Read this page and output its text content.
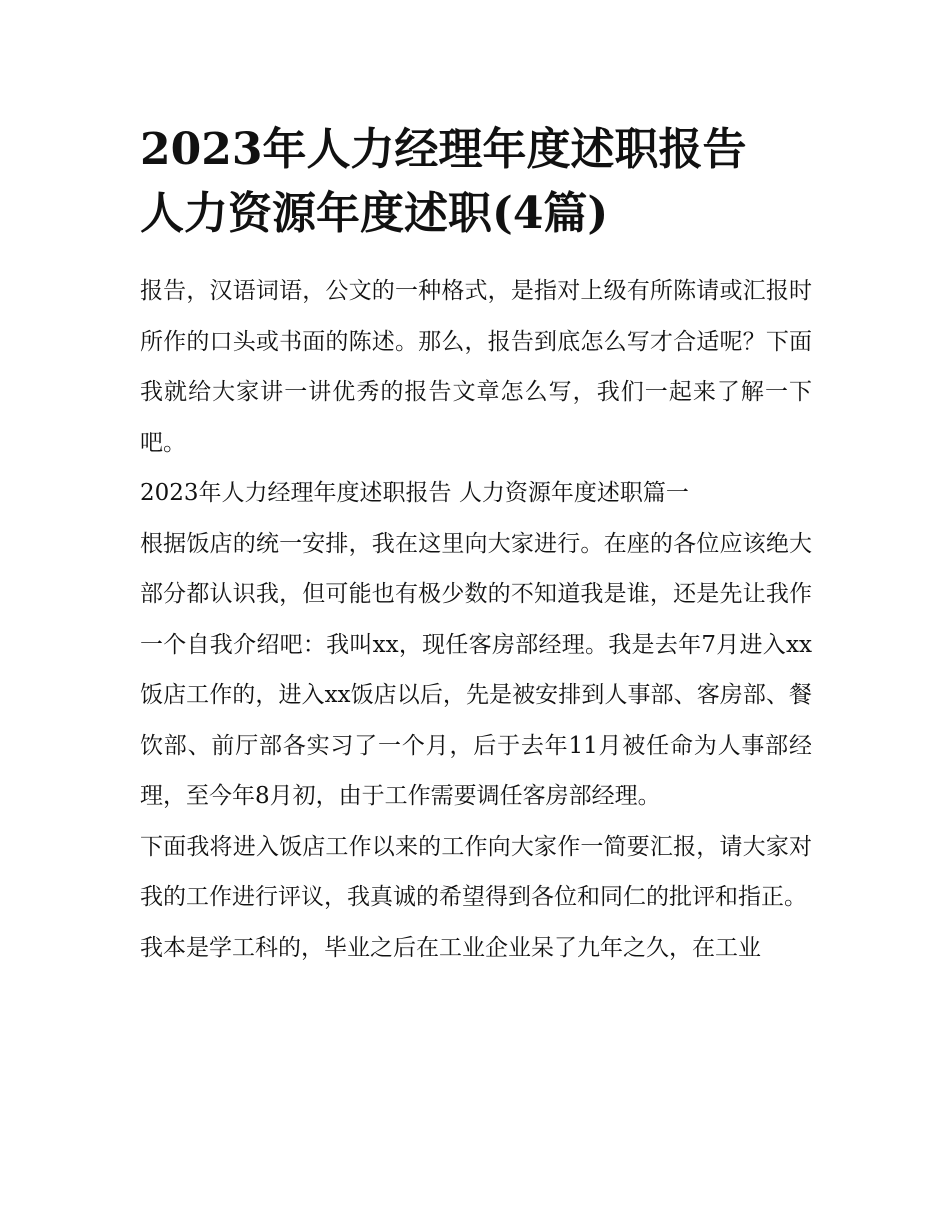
2023年人力经理年度述职报告
人力资源年度述职(4篇)

报告，汉语词语，公文的一种格式，是指对上级有所陈请或汇报时所作的口头或书面的陈述。那么，报告到底怎么写才合适呢？下面我就给大家讲一讲优秀的报告文章怎么写，我们一起来了解一下吧。

2023年人力经理年度述职报告 人力资源年度述职篇一

根据饭店的统一安排，我在这里向大家进行。在座的各位应该绝大部分都认识我，但可能也有极少数的不知道我是谁，还是先让我作一个自我介绍吧：我叫xx，现任客房部经理。我是去年7月进入xx饭店工作的，进入xx饭店以后，先是被安排到人事部、客房部、餐饮部、前厅部各实习了一个月，后于去年11月被任命为人事部经理，至今年8月初，由于工作需要调任客房部经理。

下面我将进入饭店工作以来的工作向大家作一简要汇报，请大家对我的工作进行评议，我真诚的希望得到各位和同仁的批评和指正。

我本是学工科的，毕业之后在工业企业呆了九年之久，在工业
